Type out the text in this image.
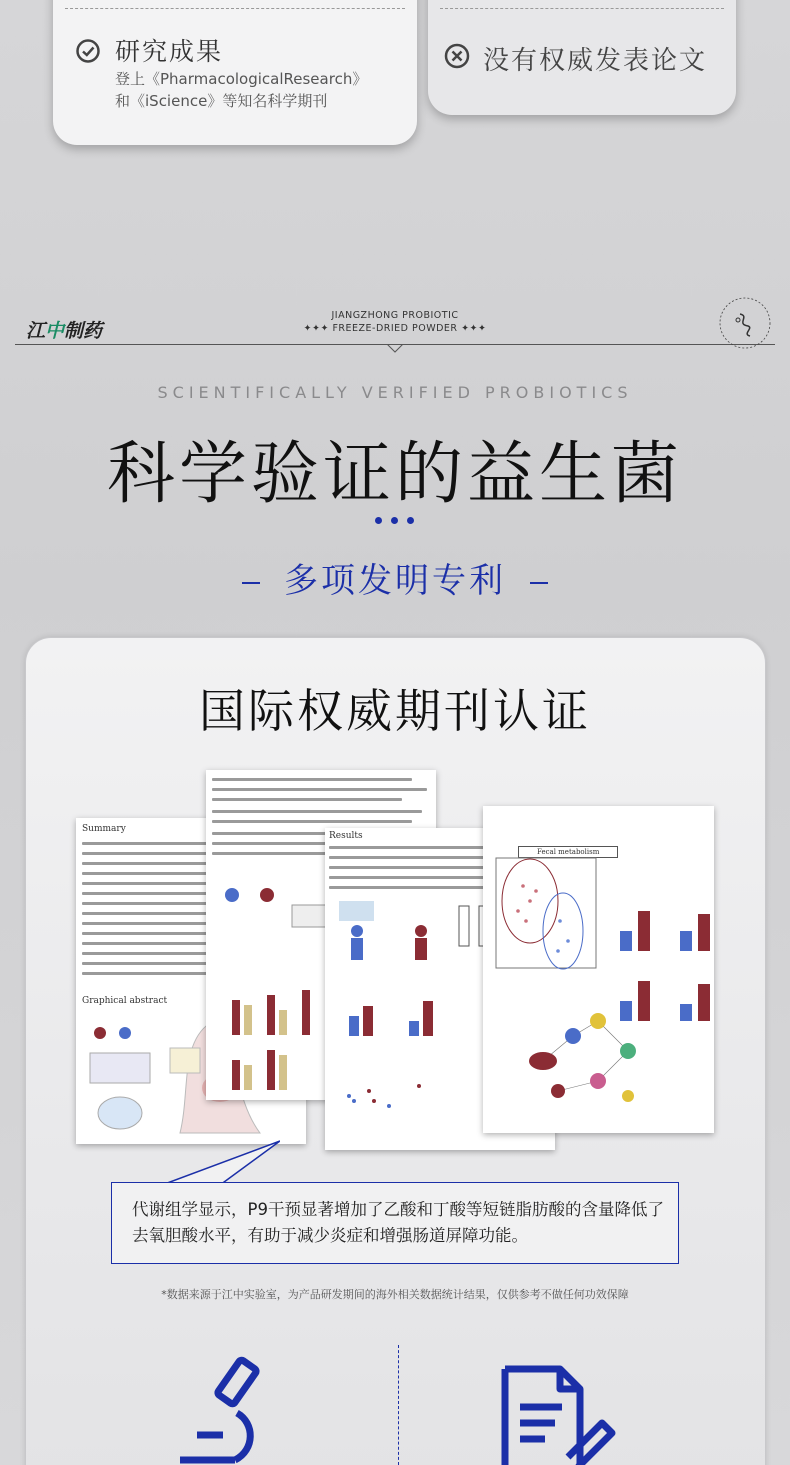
没有权威发表论文
研究成果
登上《PharmacologicalResearch》
和《iScience》等知名科学期刊
江中制药
JIANGZHONG PROBIOTIC
✦✦✦ FREEZE-DRIED POWDER ✦✦✦
SCIENTIFICALLY VERIFIED PROBIOTICS
科学验证的益生菌
多项发明专利
国际权威期刊认证
Summary
Graphical abstract
Results
Fecal metabolism
代谢组学显示，P9干预显著增加了乙酸和丁酸等短链脂肪酸的含量降低了去氧胆酸水平，有助于减少炎症和增强肠道屏障功能。
*数据来源于江中实验室，为产品研发期间的海外相关数据统计结果，仅供参考不做任何功效保障
